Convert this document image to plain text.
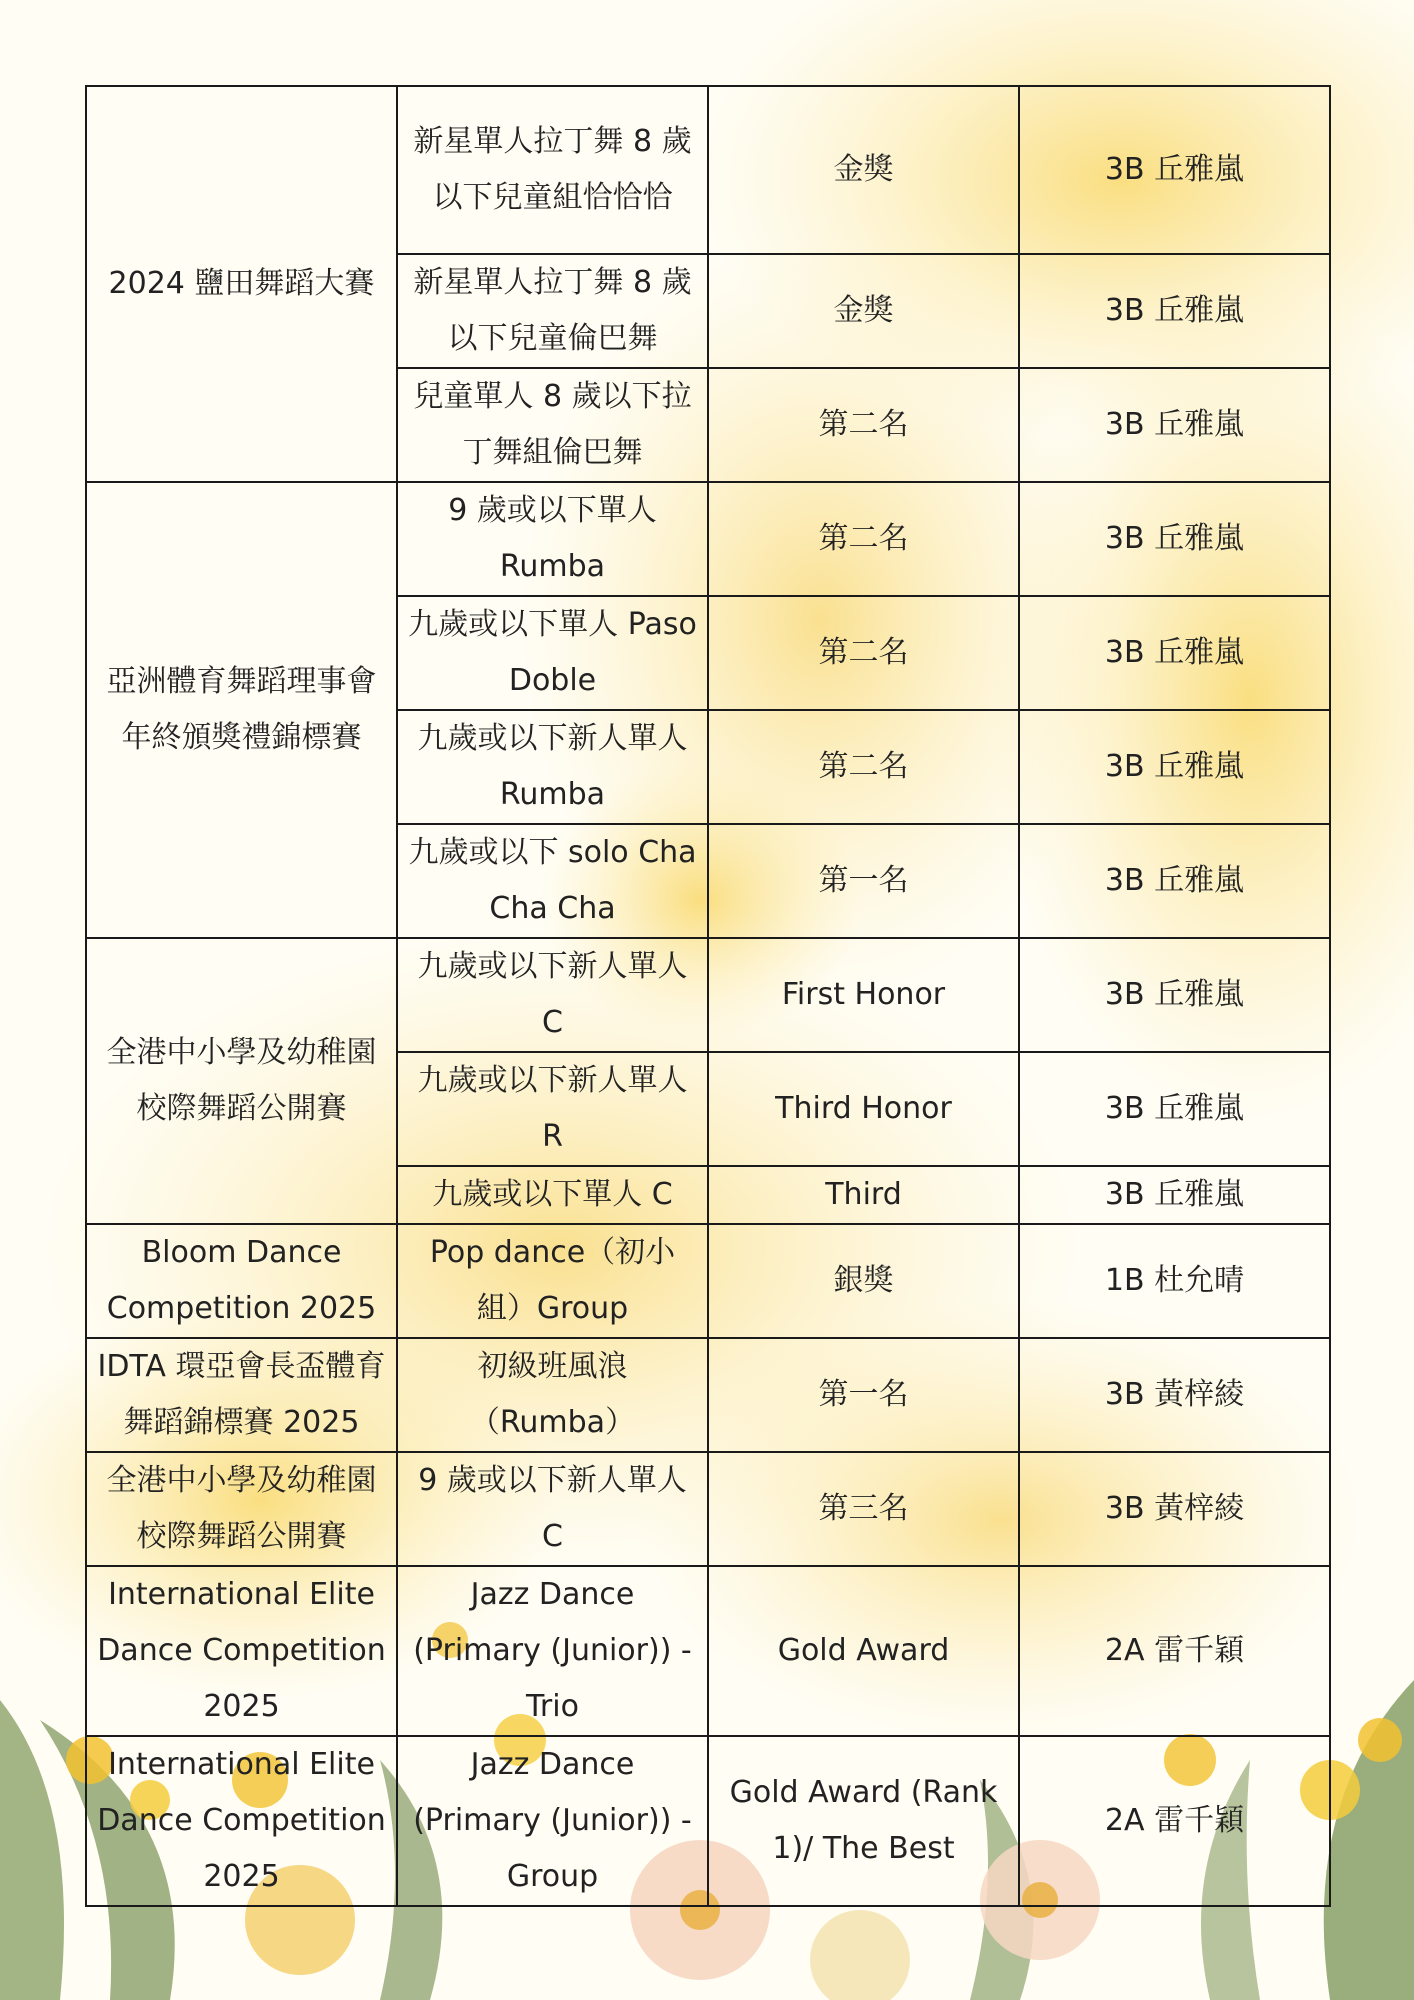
2024 鹽田舞蹈大賽	新星單人拉丁舞 8 歲以下兒童組恰恰恰	金獎	3B 丘雅嵐
	新星單人拉丁舞 8 歲以下兒童倫巴舞	金獎	3B 丘雅嵐
	兒童單人 8 歲以下拉丁舞組倫巴舞	第二名	3B 丘雅嵐
亞洲體育舞蹈理事會年終頒獎禮錦標賽	9 歲或以下單人 Rumba	第二名	3B 丘雅嵐
	九歲或以下單人 Paso Doble	第二名	3B 丘雅嵐
	九歲或以下新人單人 Rumba	第二名	3B 丘雅嵐
	九歲或以下 solo Cha Cha Cha	第一名	3B 丘雅嵐
全港中小學及幼稚園校際舞蹈公開賽	九歲或以下新人單人 C	First Honor	3B 丘雅嵐
	九歲或以下新人單人 R	Third Honor	3B 丘雅嵐
	九歲或以下單人 C	Third	3B 丘雅嵐
Bloom Dance Competition 2025	Pop dance（初小組）Group	銀獎	1B 杜允晴
IDTA 環亞會長盃體育舞蹈錦標賽 2025	初級班風浪（Rumba）	第一名	3B 黃梓綾
全港中小學及幼稚園校際舞蹈公開賽	9 歲或以下新人單人 C	第三名	3B 黃梓綾
International Elite Dance Competition 2025	Jazz Dance (Primary (Junior)) - Trio	Gold Award	2A 雷千穎
International Elite Dance Competition 2025	Jazz Dance (Primary (Junior)) - Group	Gold Award (Rank 1)/ The Best	2A 雷千穎
